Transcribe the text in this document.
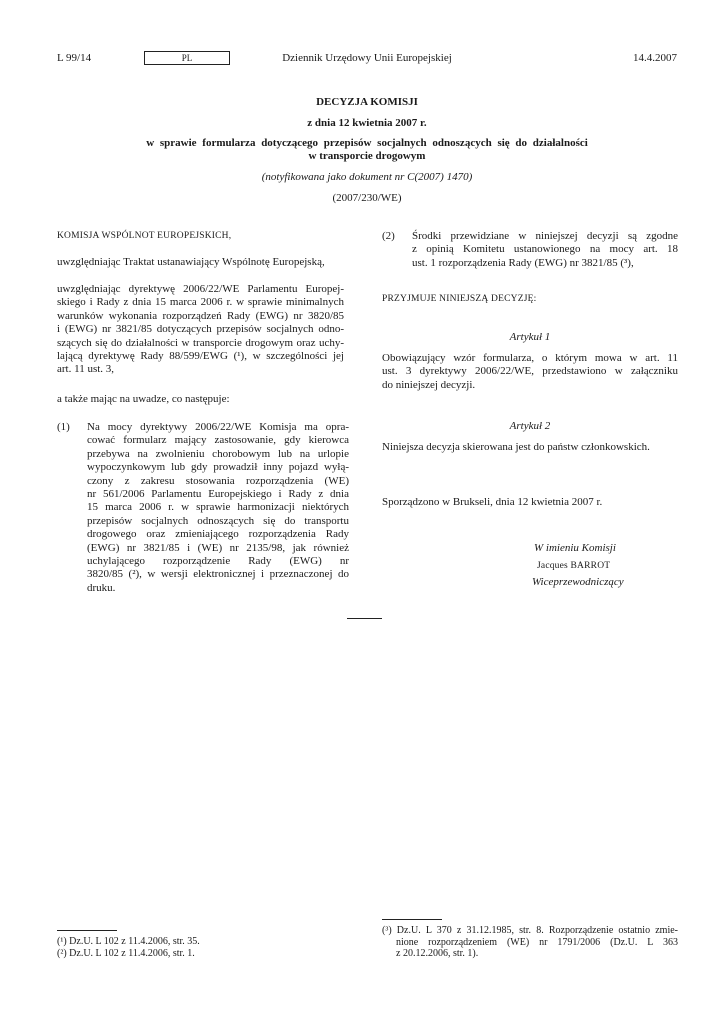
Dziennik Urzędowy Unii Europejskiej
L 99/14	PL	14.4.2007
DECYZJA KOMISJI
z dnia 12 kwietnia 2007 r.
w sprawie formularza dotyczącego przepisów socjalnych odnoszących się do działalności
w transporcie drogowym
(notyfikowana jako dokument nr C(2007) 1470)
(2007/230/WE)
KOMISJA WSPÓLNOT EUROPEJSKICH,
uwzględniając Traktat ustanawiający Wspólnotę Europejską,
uwzględniając dyrektywę 2006/22/WE Parlamentu Europej-
skiego i Rady z dnia 15 marca 2006 r. w sprawie minimalnych
warunków wykonania rozporządzeń Rady (EWG) nr 3820/85
i (EWG) nr 3821/85 dotyczących przepisów socjalnych odno-
szących się do działalności w transporcie drogowym oraz uchy-
lającą dyrektywę Rady 88/599/EWG (¹), w szczególności jej
art. 11 ust. 3,
a także mając na uwadze, co następuje:
(1) Na mocy dyrektywy 2006/22/WE Komisja ma opra-
cować formularz mający zastosowanie, gdy kierowca
przebywa na zwolnieniu chorobowym lub na urlopie
wypoczynkowym lub gdy prowadził inny pojazd wyłą-
czony z zakresu stosowania rozporządzenia (WE)
nr 561/2006 Parlamentu Europejskiego i Rady z dnia
15 marca 2006 r. w sprawie harmonizacji niektórych
przepisów socjalnych odnoszących się do transportu
drogowego oraz zmieniającego rozporządzenia Rady
(EWG) nr 3821/85 i (WE) nr 2135/98, jak również
uchylającego rozporządzenie Rady (EWG) nr
3820/85 (²), w wersji elektronicznej i przeznaczonej do
druku.
(2) Środki przewidziane w niniejszej decyzji są zgodne
z opinią Komitetu ustanowionego na mocy art. 18
ust. 1 rozporządzenia Rady (EWG) nr 3821/85 (³),
PRZYJMUJE NINIEJSZĄ DECYZJĘ:
Artykuł 1
Obowiązujący wzór formularza, o którym mowa w art. 11
ust. 3 dyrektywy 2006/22/WE, przedstawiono w załączniku
do niniejszej decyzji.
Artykuł 2
Niniejsza decyzja skierowana jest do państw członkowskich.
Sporządzono w Brukseli, dnia 12 kwietnia 2007 r.
W imieniu Komisji
Jacques BARROT
Wiceprzewodniczący
(¹) Dz.U. L 102 z 11.4.2006, str. 35.
(²) Dz.U. L 102 z 11.4.2006, str. 1.
(³) Dz.U. L 370 z 31.12.1985, str. 8. Rozporządzenie ostatnio zmie-
nione rozporządzeniem (WE) nr 1791/2006 (Dz.U. L 363
z 20.12.2006, str. 1).
